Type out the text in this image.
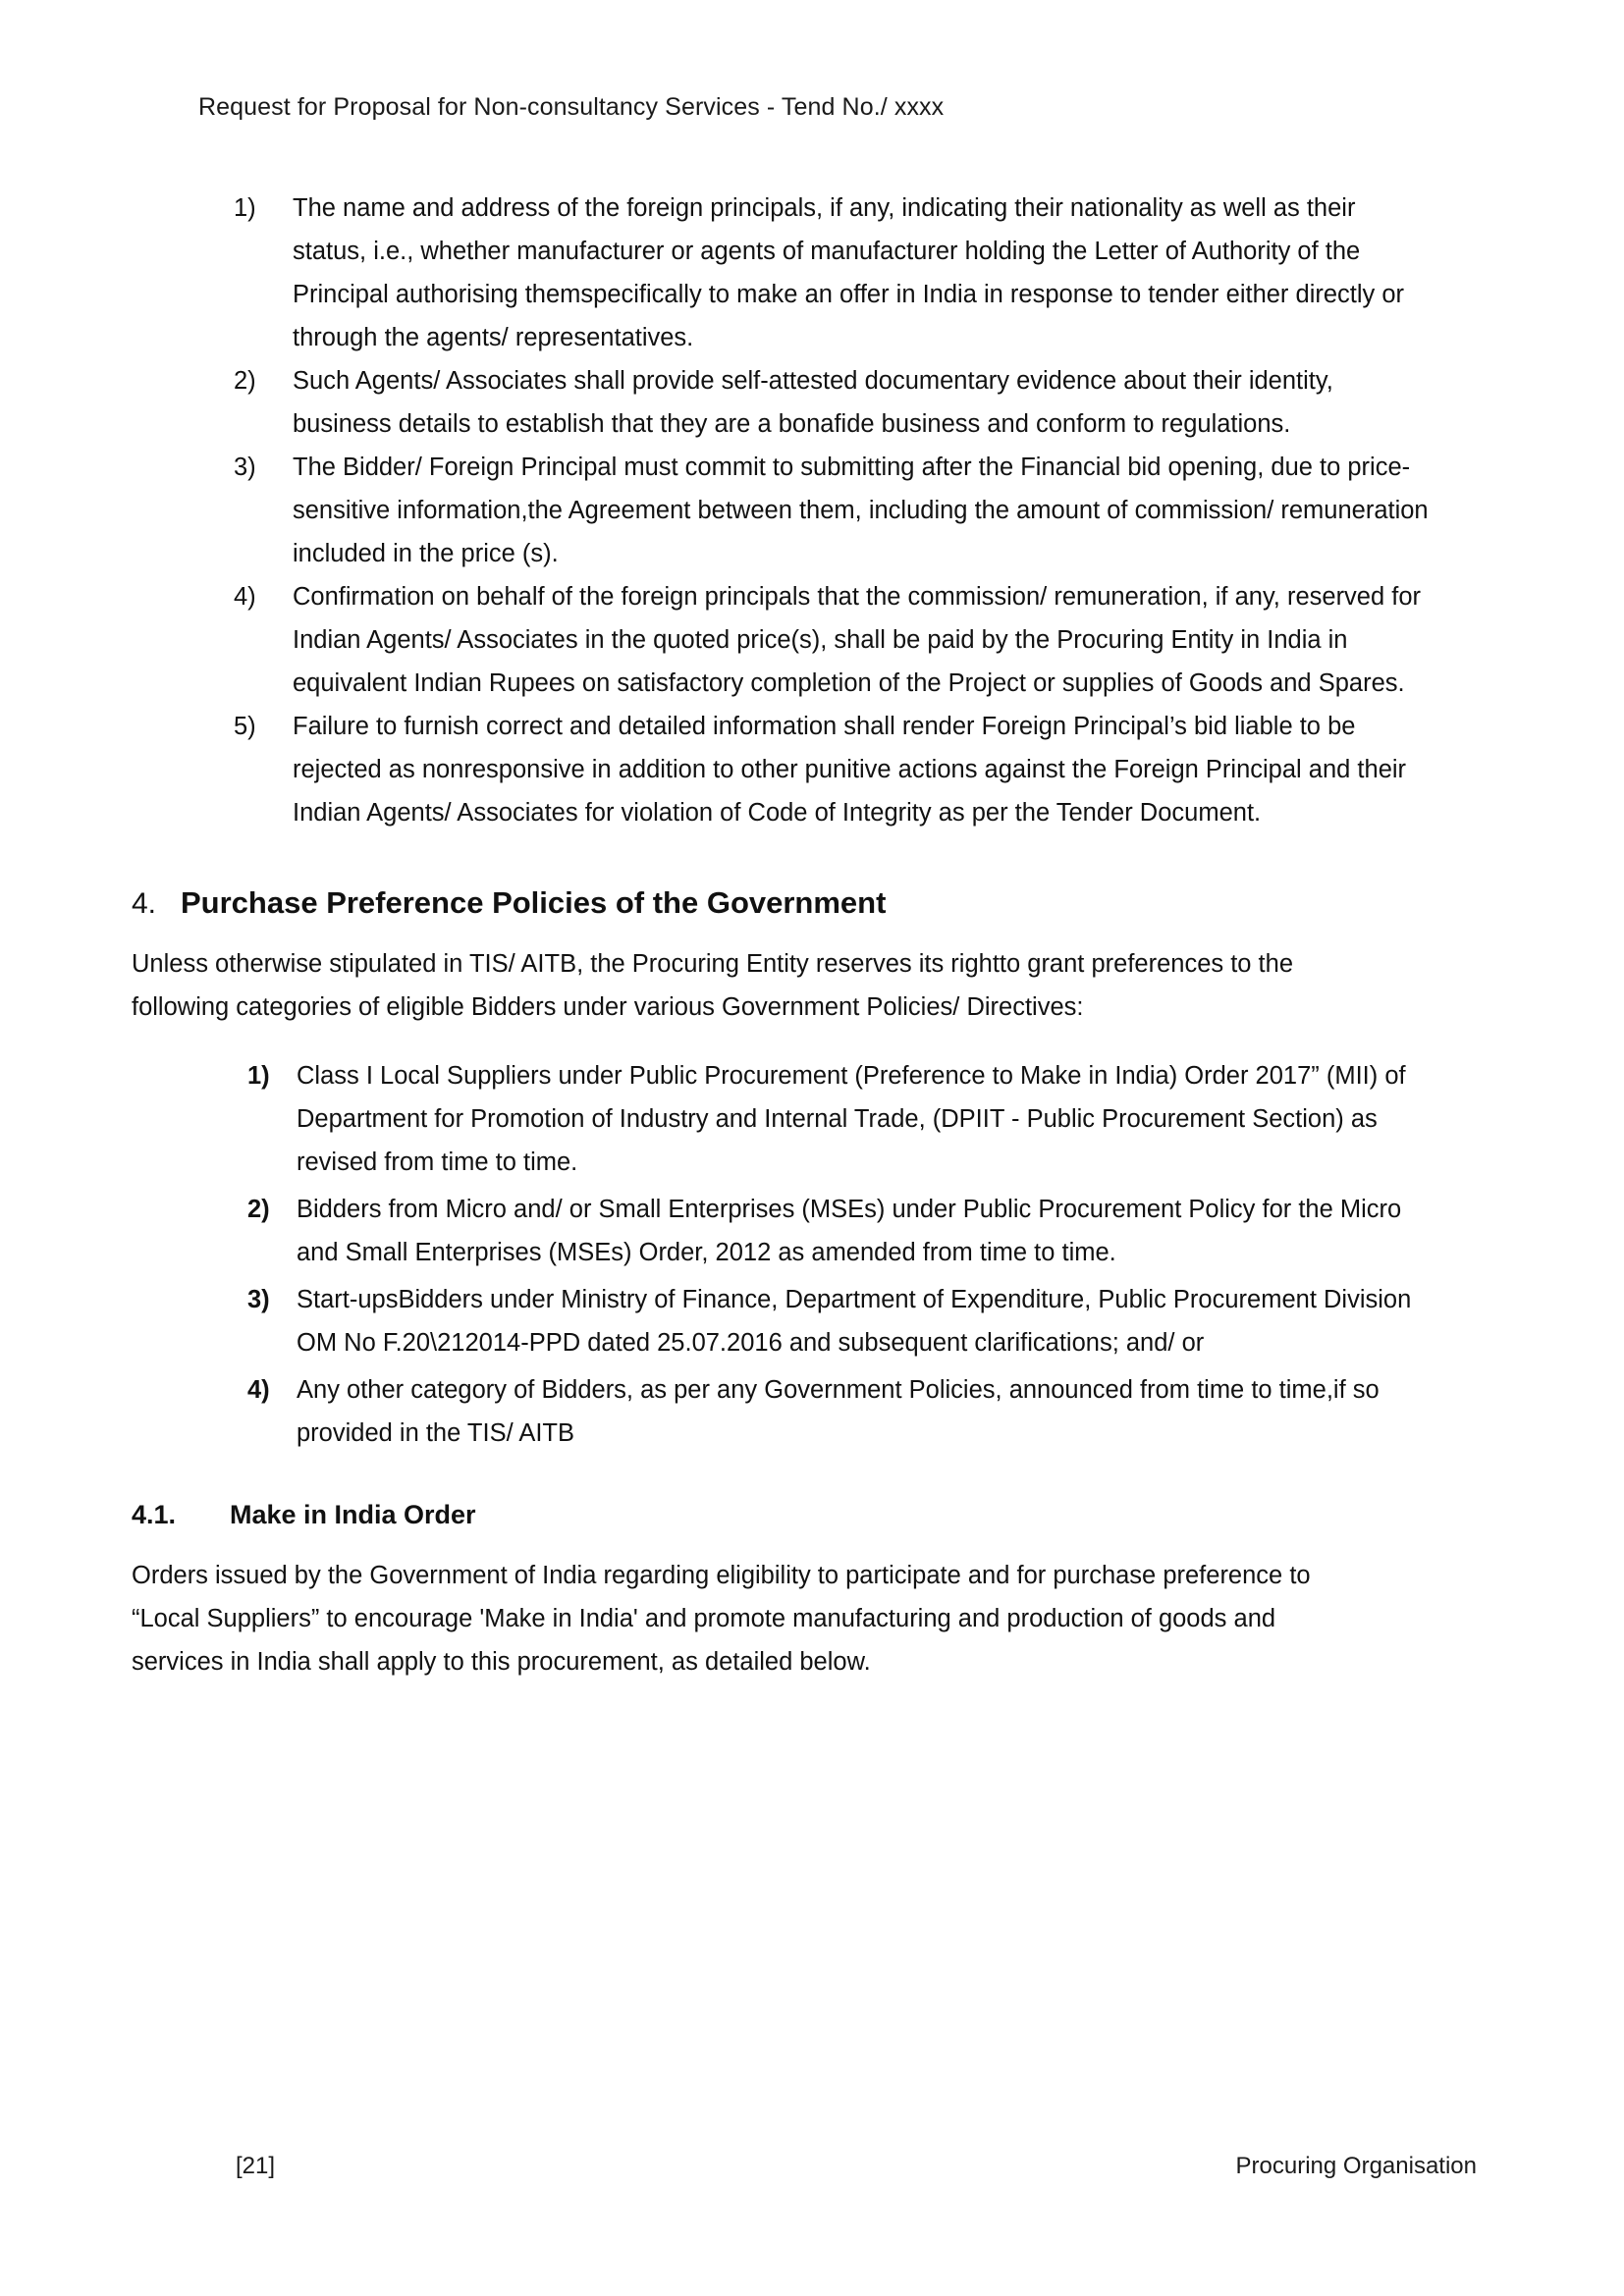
Request for Proposal for Non-consultancy Services - Tend No./ xxxx
1) The name and address of the foreign principals, if any, indicating their nationality as well as their status, i.e., whether manufacturer or agents of manufacturer holding the Letter of Authority of the Principal authorising themspecifically to make an offer in India in response to tender either directly or through the agents/ representatives.
2) Such Agents/ Associates shall provide self-attested documentary evidence about their identity, business details to establish that they are a bonafide business and conform to regulations.
3) The Bidder/ Foreign Principal must commit to submitting after the Financial bid opening, due to price-sensitive information,the Agreement between them, including the amount of commission/ remuneration included in the price (s).
4) Confirmation on behalf of the foreign principals that the commission/ remuneration, if any, reserved for Indian Agents/ Associates in the quoted price(s), shall be paid by the Procuring Entity in India in equivalent Indian Rupees on satisfactory completion of the Project or supplies of Goods and Spares.
5) Failure to furnish correct and detailed information shall render Foreign Principal’s bid liable to be rejected as nonresponsive in addition to other punitive actions against the Foreign Principal and their Indian Agents/ Associates for violation of Code of Integrity as per the Tender Document.
4. Purchase Preference Policies of the Government
Unless otherwise stipulated in TIS/ AITB, the Procuring Entity reserves its rightto grant preferences to the following categories of eligible Bidders under various Government Policies/ Directives:
1) Class I Local Suppliers under Public Procurement (Preference to Make in India) Order 2017” (MII) of Department for Promotion of Industry and Internal Trade, (DPIIT - Public Procurement Section) as revised from time to time.
2) Bidders from Micro and/ or Small Enterprises (MSEs) under Public Procurement Policy for the Micro and Small Enterprises (MSEs) Order, 2012 as amended from time to time.
3) Start-upsBidders under Ministry of Finance, Department of Expenditure, Public Procurement Division OM No F.20\212014-PPD dated 25.07.2016 and subsequent clarifications; and/ or
4) Any other category of Bidders, as per any Government Policies, announced from time to time,if so provided in the TIS/ AITB
4.1.	Make in India Order
Orders issued by the Government of India regarding eligibility to participate and for purchase preference to “Local Suppliers” to encourage 'Make in India' and promote manufacturing and production of goods and services in India shall apply to this procurement, as detailed below.
[21]	Procuring Organisation
